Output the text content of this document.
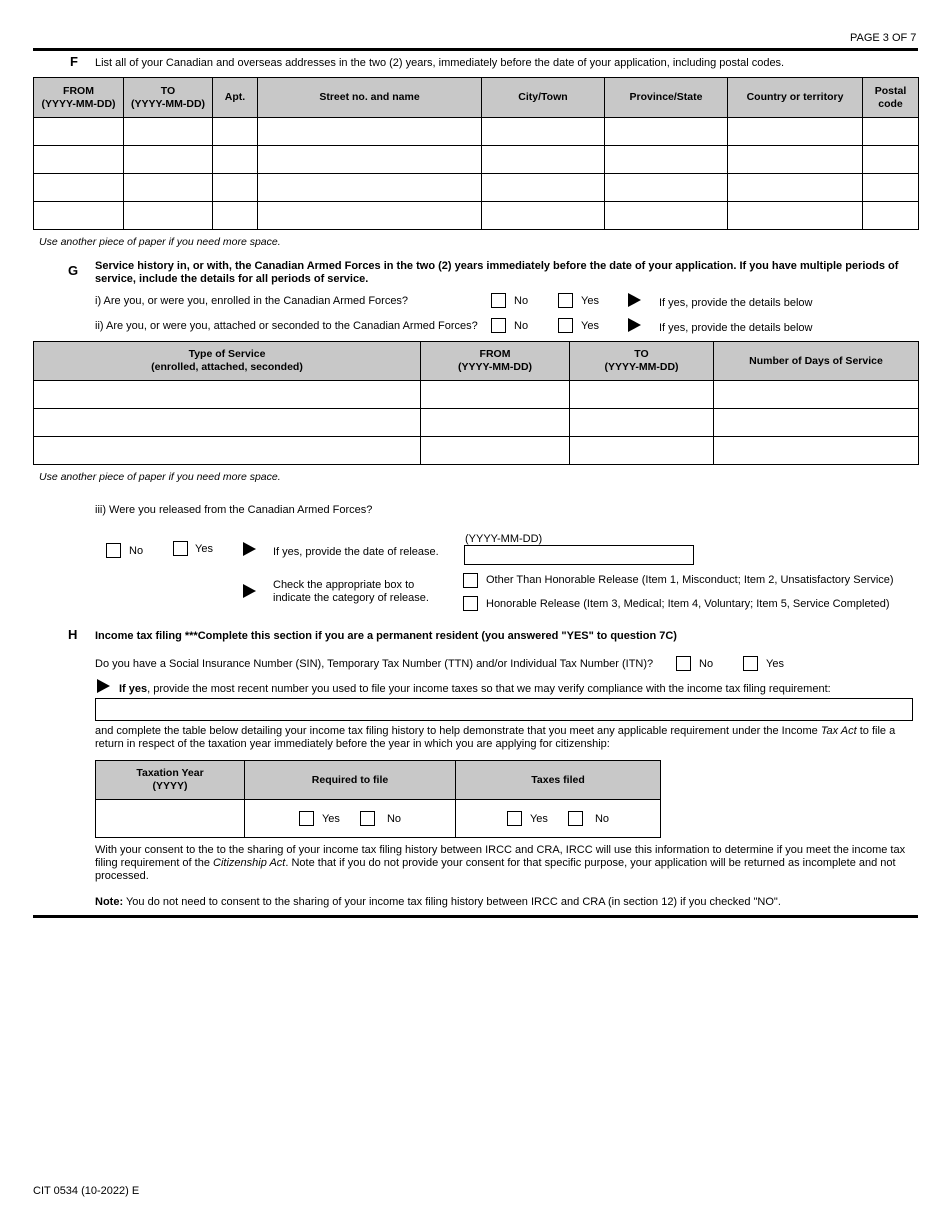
PAGE 3 OF 7
F List all of your Canadian and overseas addresses in the two (2) years, immediately before the date of your application, including postal codes.
FROM
(YYYY-MM-DD)	TO
(YYYY-MM-DD)	Apt.	Street no. and name	City/Town	Province/State	Country or territory	Postal
code

Use another piece of paper if you need more space.
G Service history in, or with, the Canadian Armed Forces in the two (2) years immediately before the date of your application. If you have multiple periods of
service, include the details for all periods of service.
i) Are you, or were you, enrolled in the Canadian Armed Forces?	No	Yes	If yes, provide the details below
ii) Are you, or were you, attached or seconded to the Canadian Armed Forces?	No	Yes	If yes, provide the details below
Type of Service
(enrolled, attached, seconded)	FROM
(YYYY-MM-DD)	TO
(YYYY-MM-DD)	Number of Days of Service

Use another piece of paper if you need more space.
iii) Were you released from the Canadian Armed Forces?
No	Yes	If yes, provide the date of release.
(YYYY-MM-DD)
Check the appropriate box to
indicate the category of release.
Other Than Honorable Release (Item 1, Misconduct; Item 2, Unsatisfactory Service)
Honorable Release (Item 3, Medical; Item 4, Voluntary; Item 5, Service Completed)
H Income tax filing ***Complete this section if you are a permanent resident (you answered "YES" to question 7C)
Do you have a Social Insurance Number (SIN), Temporary Tax Number (TTN) and/or Individual Tax Number (ITN)?	No	Yes
If yes, provide the most recent number you used to file your income taxes so that we may verify compliance with the income tax filing requirement:
and complete the table below detailing your income tax filing history to help demonstrate that you meet any applicable requirement under the Income Tax Act to file a
return in respect of the taxation year immediately before the year in which you are applying for citizenship:
Taxation Year
(YYYY)	Required to file	Taxes filed

	Yes No	Yes No
With your consent to the to the sharing of your income tax filing history between IRCC and CRA, IRCC will use this information to determine if you meet the income tax
filing requirement of the Citizenship Act. Note that if you do not provide your consent for that specific purpose, your application will be returned as incomplete and not
processed.
Note: You do not need to consent to the sharing of your income tax filing history between IRCC and CRA (in section 12) if you checked "NO".
CIT 0534 (10-2022) E
